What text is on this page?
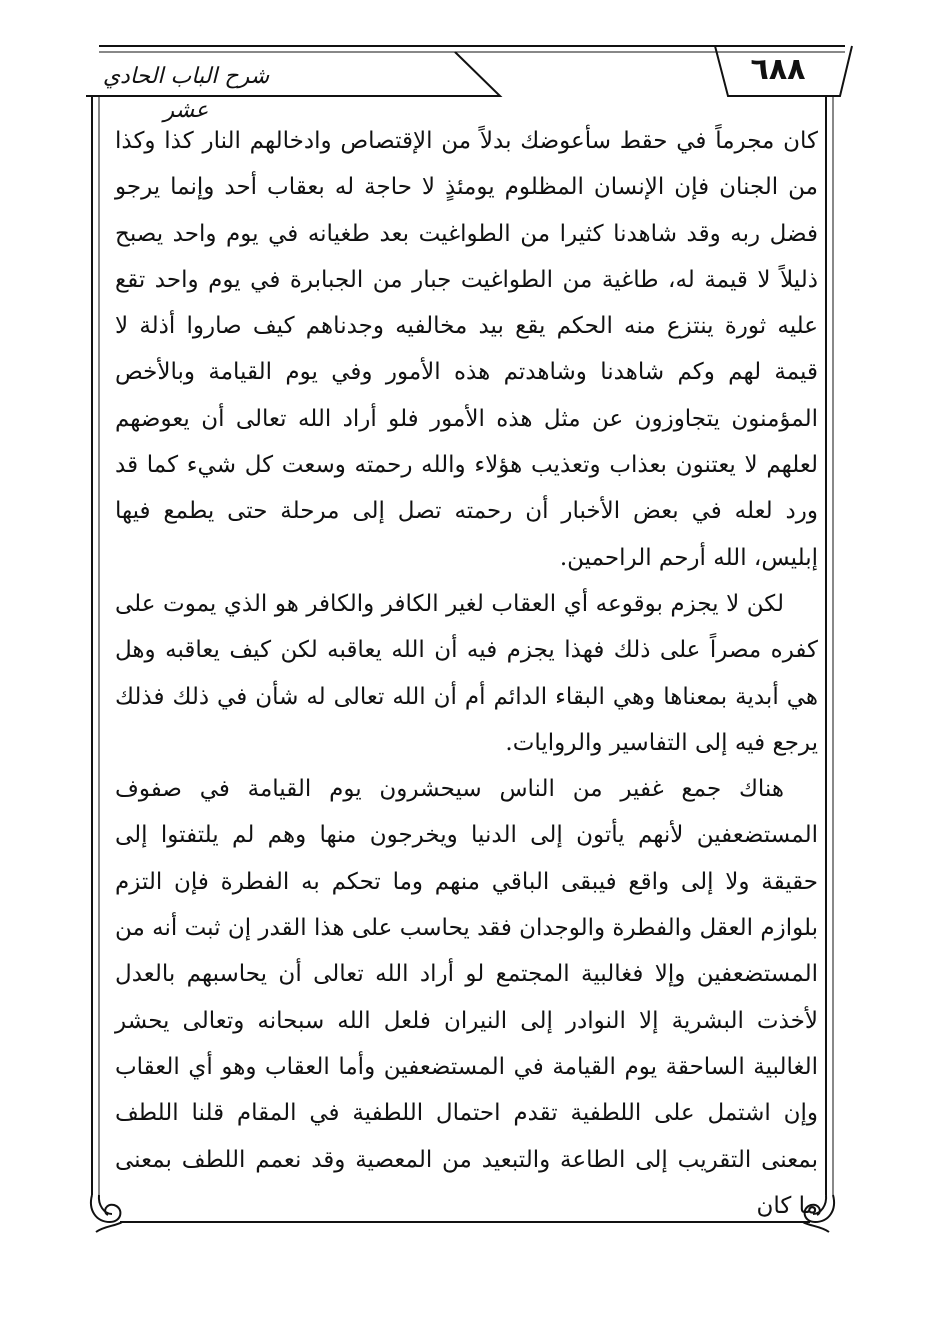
٦٨٨
شرح الباب الحادي عشر

كان مجرماً في حقط سأعوضك بدلاً من الإقتصاص وادخالهم النار كذا وكذا من الجنان فإن الإنسان المظلوم يومئذٍ لا حاجة له بعقاب أحد وإنما يرجو فضل ربه وقد شاهدنا كثيرا من الطواغيت بعد طغيانه في يوم واحد يصبح ذليلاً لا قيمة له، طاغية من الطواغيت جبار من الجبابرة في يوم واحد تقع عليه ثورة ينتزع منه الحكم يقع بيد مخالفيه وجدناهم كيف صاروا أذلة لا قيمة لهم وكم شاهدنا وشاهدتم هذه الأمور وفي يوم القيامة وبالأخص المؤمنون يتجاوزون عن مثل هذه الأمور فلو أراد الله تعالى أن يعوضهم لعلهم لا يعتنون بعذاب وتعذيب هؤلاء والله رحمته وسعت كل شيء كما قد ورد لعله في بعض الأخبار أن رحمته تصل إلى مرحلة حتى يطمع فيها إبليس، الله أرحم الراحمين.

لكن لا يجزم بوقوعه أي العقاب لغير الكافر والكافر هو الذي يموت على كفره مصراً على ذلك فهذا يجزم فيه أن الله يعاقبه لكن كيف يعاقبه وهل هي أبدية بمعناها وهي البقاء الدائم أم أن الله تعالى له شأن في ذلك فذلك يرجع فيه إلى التفاسير والروايات.

هناك جمع غفير من الناس سيحشرون يوم القيامة في صفوف المستضعفين لأنهم يأتون إلى الدنيا ويخرجون منها وهم لم يلتفتوا إلى حقيقة ولا إلى واقع فيبقى الباقي منهم وما تحكم به الفطرة فإن التزم بلوازم العقل والفطرة والوجدان فقد يحاسب على هذا القدر إن ثبت أنه من المستضعفين وإلا فغالبية المجتمع لو أراد الله تعالى أن يحاسبهم بالعدل لأخذت البشرية إلا النوادر إلى النيران فلعل الله سبحانه وتعالى يحشر الغالبية الساحقة يوم القيامة في المستضعفين وأما العقاب وهو أي العقاب وإن اشتمل على اللطفية تقدم احتمال اللطفية في المقام قلنا اللطف بمعنى التقريب إلى الطاعة والتبعيد من المعصية وقد نعمم اللطف بمعنى ما كان
